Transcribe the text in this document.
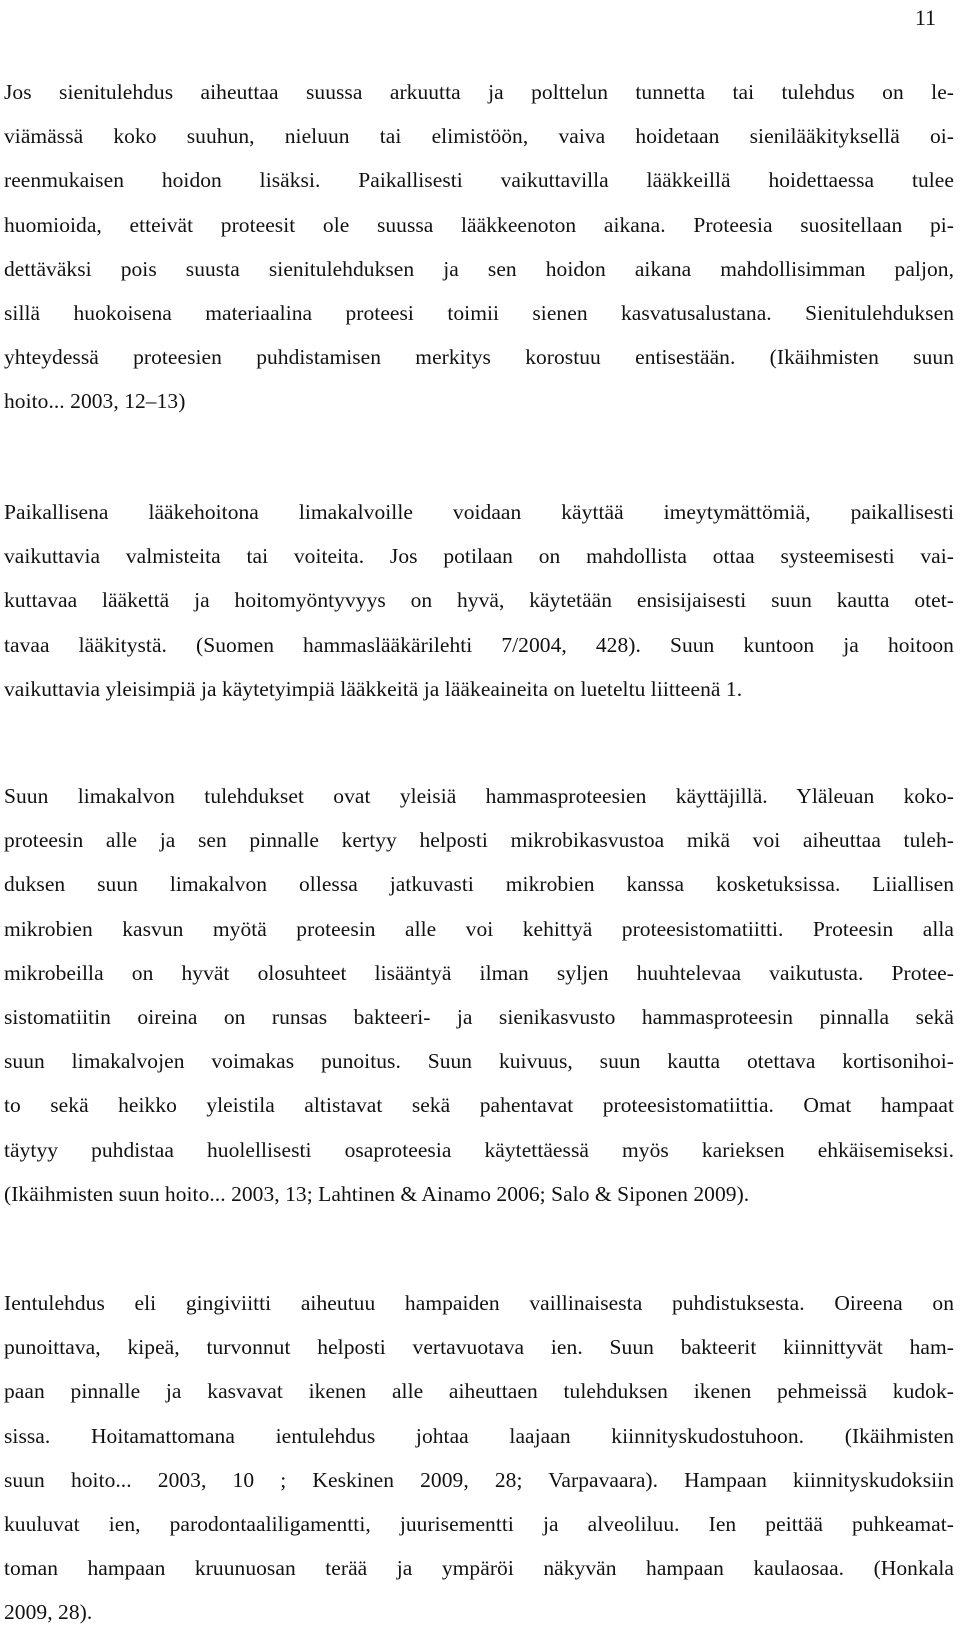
11
Jos sienitulehdus aiheuttaa suussa arkuutta ja polttelun tunnetta tai tulehdus on le-
viämässä koko suuhun, nieluun tai elimistöön, vaiva hoidetaan sienilääkityksellä oi-
reenmukaisen hoidon lisäksi. Paikallisesti vaikuttavilla lääkkeillä hoidettaessa tulee
huomioida, etteivät proteesit ole suussa lääkkeenoton aikana. Proteesia suositellaan pi-
dettäväksi pois suusta sienitulehduksen ja sen hoidon aikana mahdollisimman paljon,
sillä huokoisena materiaalina proteesi toimii sienen kasvatusalustana. Sienitulehduksen
yhteydessä proteesien puhdistamisen merkitys korostuu entisestään. (Ikäihmisten suun
hoito... 2003, 12–13)
Paikallisena lääkehoitona limakalvoille voidaan käyttää imeytymättömiä, paikallisesti
vaikuttavia valmisteita tai voiteita. Jos potilaan on mahdollista ottaa systeemisesti vai-
kuttavaa lääkettä ja hoitomyöntyvyys on hyvä, käytetään ensisijaisesti suun kautta otet-
tavaa lääkitystä. (Suomen hammaslääkärilehti 7/2004, 428). Suun kuntoon ja hoitoon
vaikuttavia yleisimpiä ja käytetyimpiä lääkkeitä ja lääkeaineita on lueteltu liitteenä 1.
Suun limakalvon tulehdukset ovat yleisiä hammasproteesien käyttäjillä. Yläleuan koko-
proteesin alle ja sen pinnalle kertyy helposti mikrobikasvustoa mikä voi aiheuttaa tuleh-
duksen suun limakalvon ollessa jatkuvasti mikrobien kanssa kosketuksissa. Liiallisen
mikrobien kasvun myötä proteesin alle voi kehittyä proteesistomatiitti. Proteesin alla
mikrobeilla on hyvät olosuhteet lisääntyä ilman syljen huuhtelevaa vaikutusta. Protee-
sistomatiitin oireina on runsas bakteeri- ja sienikasvusto hammasproteesin pinnalla sekä
suun limakalvojen voimakas punoitus. Suun kuivuus, suun kautta otettava kortisonihoi-
to sekä heikko yleistila altistavat sekä pahentavat proteesistomatiittia. Omat hampaat
täytyy puhdistaa huolellisesti osaproteesia käytettäessä myös karieksen ehkäisemiseksi.
(Ikäihmisten suun hoito... 2003, 13; Lahtinen & Ainamo 2006; Salo & Siponen 2009).
Ientulehdus eli gingiviitti aiheutuu hampaiden vaillinaisesta puhdistuksesta. Oireena on
punoittava, kipeä, turvonnut helposti vertavuotava ien. Suun bakteerit kiinnittyvät ham-
paan pinnalle ja kasvavat ikenen alle aiheuttaen tulehduksen ikenen pehmeissä kudok-
sissa. Hoitamattomana ientulehdus johtaa laajaan kiinnityskudostuhoon. (Ikäihmisten
suun hoito... 2003, 10 ; Keskinen 2009, 28; Varpavaara). Hampaan kiinnityskudoksiin
kuuluvat ien, parodontaaliligamentti, juurisementti ja alveoliluu. Ien peittää puhkeamat-
toman hampaan kruunuosan terää ja ympäröi näkyvän hampaan kaulaosaa. (Honkala
2009, 28).
